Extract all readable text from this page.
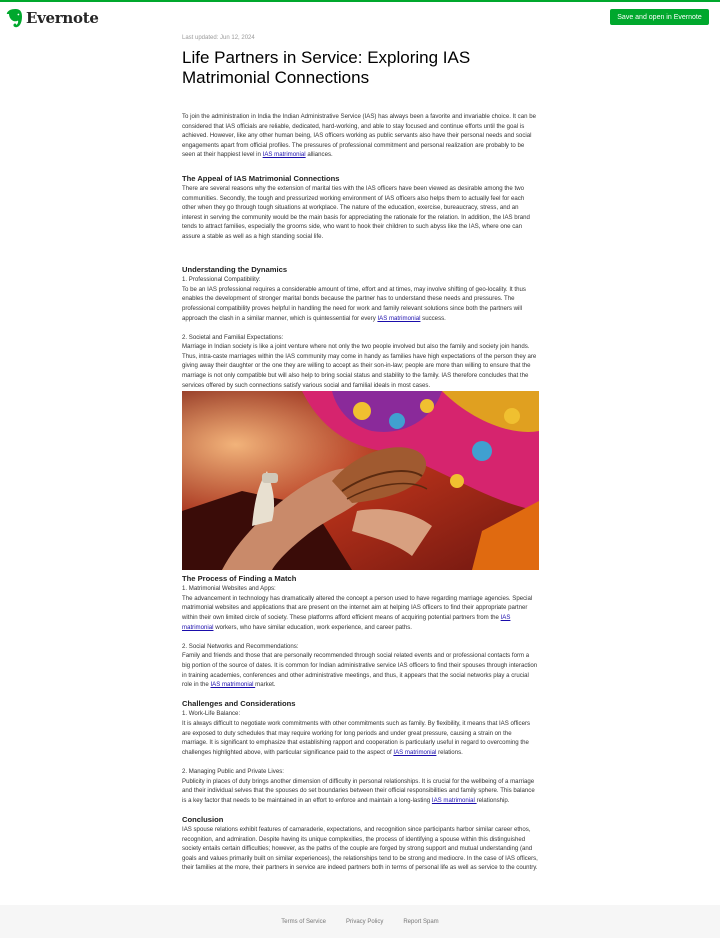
Evernote	Save and open in Evernote
Last updated: Jun 12, 2024
Life Partners in Service: Exploring IAS Matrimonial Connections

To join the administration in India the Indian Administrative Service (IAS) has always been a favorite and invariable choice. It can be considered that IAS officials are reliable, dedicated, hard-working, and able to stay focused and continue efforts until the goal is achieved. However, like any other human being, IAS officers working as public servants also have their personal needs and social engagements apart from official profiles. The pressures of professional commitment and personal realization are probably to be seen at their happiest level in IAS matrimonial alliances.

The Appeal of IAS Matrimonial Connections

There are several reasons why the extension of marital ties with the IAS officers have been viewed as desirable among the two communities. Secondly, the tough and pressurized working environment of IAS officers also helps them to actually feel for each other when they go through tough situations at workplace. The nature of the education, exercise, bureaucracy, stress, and an interest in serving the community would be the main basis for appreciating the rationale for the relation. In addition, the IAS brand tends to attract families, especially the grooms side, who want to hook their children to such abyss like the IAS, where one can assure a stable as well as a high standing social life.

Understanding the Dynamics

1. Professional Compatibility:

To be an IAS professional requires a considerable amount of time, effort and at times, may involve shifting of geo-locality. It thus enables the development of stronger marital bonds because the partner has to understand these needs and pressures. The professional compatibility proves helpful in handling the need for work and family relevant solutions since both the partners will approach the clash in a similar manner, which is quintessential for every IAS matrimonial success.

2. Societal and Familial Expectations:

Marriage in Indian society is like a joint venture where not only the two people involved but also the family and society join hands. Thus, intra-caste marriages within the IAS community may come in handy as families have high expectations of the person they are giving away their daughter or the one they are willing to accept as their son-in-law; people are more than willing to ensure that the marriage is not only compatible but will also help to bring social status and stability to the family. IAS therefore concludes that the services offered by such connections satisfy various social and familial ideals in most cases.

The Process of Finding a Match

1. Matrimonial Websites and Apps:

The advancement in technology has dramatically altered the concept a person used to have regarding marriage agencies. Special matrimonial websites and applications that are present on the internet aim at helping IAS officers to find their appropriate partner within their own limited circle of society. These platforms afford efficient means of acquiring potential partners from the IAS matrimonial workers, who have similar education, work experience, and career paths.

2. Social Networks and Recommendations:

Family and friends and those that are personally recommended through social related events and or professional contacts form a big portion of the source of dates. It is common for Indian administrative service IAS officers to find their spouses through interaction in training academies, conferences and other administrative meetings, and thus, it appears that the social networks play a crucial role in the IAS matrimonial market.

Challenges and Considerations

1. Work-Life Balance:

It is always difficult to negotiate work commitments with other commitments such as family. By flexibility, it means that IAS officers are exposed to duty schedules that may require working for long periods and under great pressure, causing a strain on the marriage. It is significant to emphasize that establishing rapport and cooperation is particularly useful in regard to overcoming the challenges highlighted above, with particular significance paid to the aspect of IAS matrimonial relations.

2. Managing Public and Private Lives:

Publicity in places of duty brings another dimension of difficulty in personal relationships. It is crucial for the wellbeing of a marriage and their individual selves that the spouses do set boundaries between their official responsibilities and family sphere. This balance is a key factor that needs to be maintained in an effort to enforce and maintain a long-lasting IAS matrimonial relationship.

Conclusion

IAS spouse relations exhibit features of camaraderie, expectations, and recognition since participants harbor similar career ethos, recognition, and admiration. Despite having its unique complexities, the process of identifying a spouse within this distinguished society entails certain difficulties; however, as the paths of the couple are forged by strong support and mutual understanding (and goals and values primarily built on similar experiences), the relationships tend to be strong and mediocre. In the case of IAS officers, their families at the more, their partners in service are indeed partners both in terms of personal life as well as service to the country.

Terms of Service	Privacy Policy	Report Spam
